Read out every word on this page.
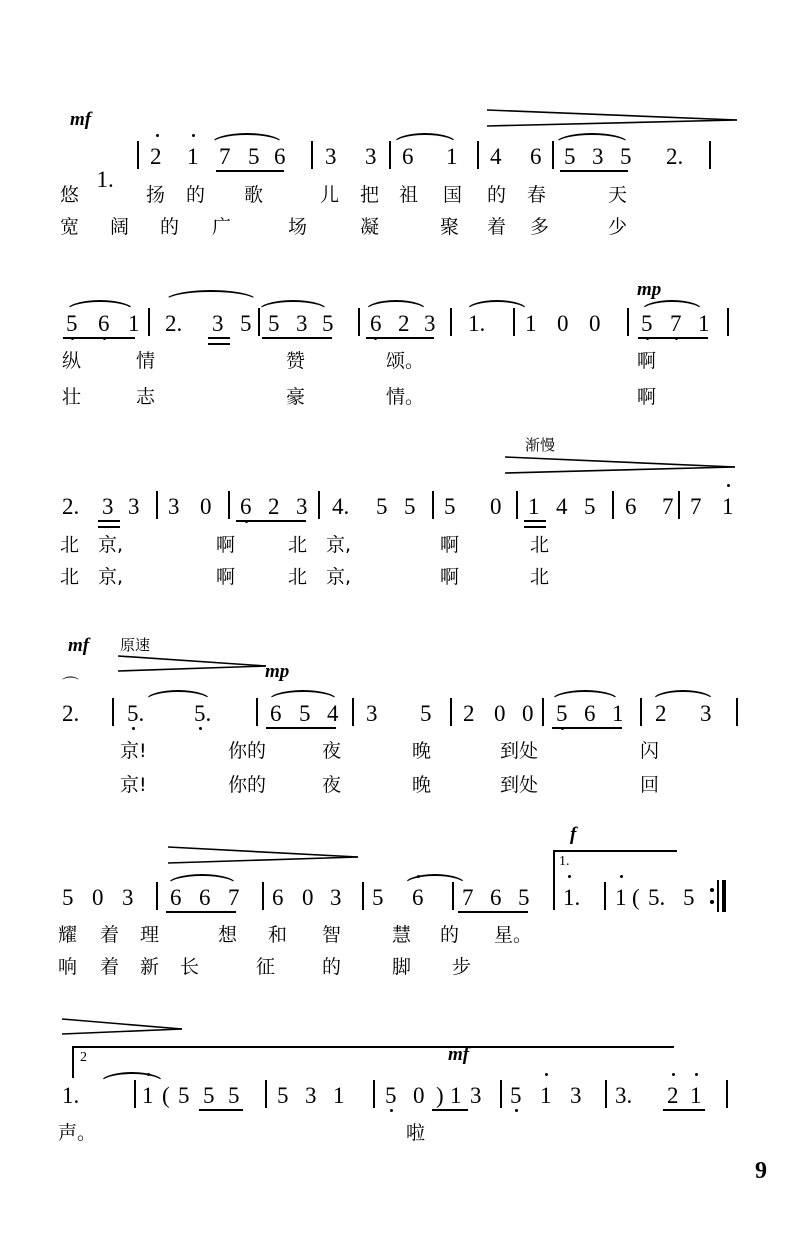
mf

1.

2 1 7 5 6 3 3 6 1 4 6 5 3 5 2.
悠	扬 的 歌	儿 把 祖 国 的 春	天
宽 阔 的 广	场	凝	聚 着 多	少
mp
5 6 1 2. 3 5 5 3 5 6 2 3 1. 1 0 0 5 7 1
纵	情	赞	颂。	啊
壮	志	豪	情。	啊
渐慢
2. 3 3 3 0 6 2 3 4. 5 5 5 0 1 4 5 6 7 7 1
北 京,	啊	北 京,	啊	北
北 京,	啊	北 京,	啊	北
mf 原速
mp
⌒
2. 5. 5.	6 5 4 3 5 2 0 0 5 6 1 2 3
京!	你的	夜	晚	到处	闪
京!	你的	夜	晚	到处	回
f
1.
5 0 3 6 6 7 6 0 3 5 6 7 6 5 1. 1 ( 5. 5
耀 着 理	想 和 智	慧 的 星。
响 着 新 长	征 的	脚 步
mf
2
1.	1 ( 5 5 5 5 3 1 5 0 ) 1 3 5 1 3 3. 2 1
声。	啦
9
